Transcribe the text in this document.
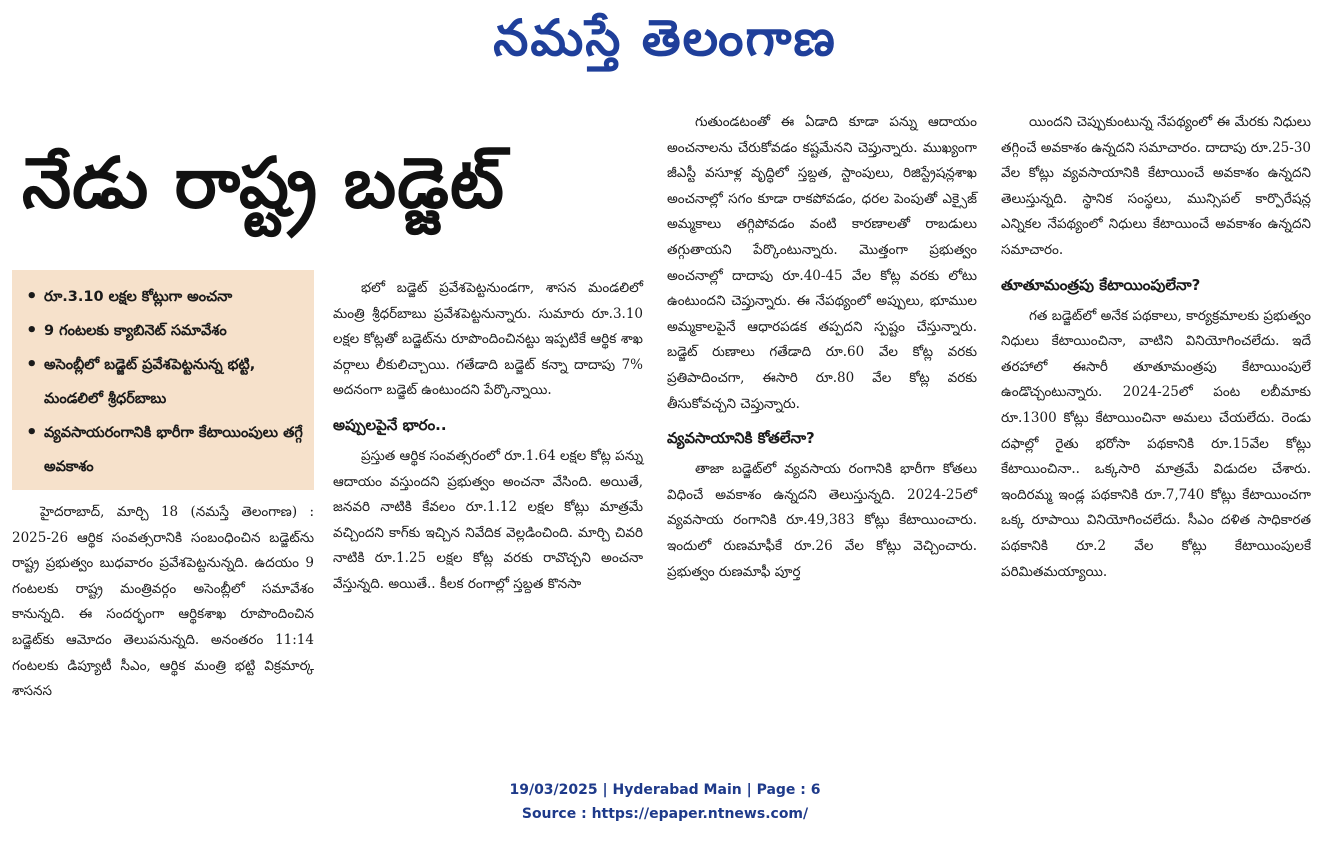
నమస్తే తెలంగాణ
నేడు రాష్ట్ర బడ్జెట్
• రూ.3.10 లక్షల కోట్లుగా అంచనా
• 9 గంటలకు క్యాబినెట్ సమావేశం
• అసెంబ్లీలో బడ్జెట్ ప్రవేశపెట్టనున్న భట్టి, మండలిలో శ్రీధర్‌బాబు
• వ్యవసాయరంగానికి భారీగా కేటాయింపులు తగ్గే అవకాశం

హైదరాబాద్, మార్చి 18 (నమస్తే తెలంగాణ) : 2025-26 ఆర్థిక సంవత్సరానికి సంబంధించిన బడ్జెట్‌ను రాష్ట్ర ప్రభుత్వం బుధవారం ప్రవేశపెట్టనున్నది. ఉదయం 9 గంటలకు రాష్ట్ర మంత్రివర్గం అసెంబ్లీలో సమావేశం కానున్నది. ఈ సందర్భంగా ఆర్థికశాఖ రూపొందించిన బడ్జెట్‌కు ఆమోదం తెలుపనున్నది. అనంతరం 11:14 గంటలకు డిప్యూటీ సీఎం, ఆర్థిక మంత్రి భట్టి విక్రమార్క శాసనస

భలో బడ్జెట్ ప్రవేశపెట్టనుండగా, శాసన మండలిలో మంత్రి శ్రీధర్‌బాబు ప్రవేశపెట్టనున్నారు. సుమారు రూ.3.10 లక్షల కోట్లతో బడ్జెట్‌ను రూపొందించినట్టు ఇప్పటికే ఆర్థిక శాఖ వర్గాలు లీకులిచ్చాయి. గతేడాది బడ్జెట్ కన్నా దాదాపు 7% అదనంగా బడ్జెట్ ఉంటుందని పేర్కొన్నాయి.

అప్పులపైనే భారం..

ప్రస్తుత ఆర్థిక సంవత్సరంలో రూ.1.64 లక్షల కోట్ల పన్ను ఆదాయం వస్తుందని ప్రభుత్వం అంచనా వేసింది. అయితే, జనవరి నాటికి కేవలం రూ.1.12 లక్షల కోట్లు మాత్రమే వచ్చిందని కాగ్‌కు ఇచ్చిన నివేదిక వెల్లడించింది. మార్చి చివరి నాటికి రూ.1.25 లక్షల కోట్ల వరకు రావొచ్చని అంచనా వేస్తున్నది. అయితే.. కీలక రంగాల్లో స్తబ్దత కొనసా

గుతుండటంతో ఈ ఏడాది కూడా పన్ను ఆదాయం అంచనాలను చేరుకోవడం కష్టమేనని చెప్తున్నారు. ముఖ్యంగా జీఎస్టీ వసూళ్ల వృద్ధిలో స్తబ్దత, స్టాంపులు, రిజిస్ట్రేషన్లశాఖ అంచనాల్లో సగం కూడా రాకపోవడం, ధరల పెంపుతో ఎక్సైజ్ అమ్మకాలు తగ్గిపోవడం వంటి కారణాలతో రాబడులు తగ్గుతాయని పేర్కొంటున్నారు. మొత్తంగా ప్రభుత్వం అంచనాల్లో దాదాపు రూ.40-45 వేల కోట్ల వరకు లోటు ఉంటుందని చెప్తున్నారు. ఈ నేపథ్యంలో అప్పులు, భూముల అమ్మకాలపైనే ఆధారపడక తప్పదని స్పష్టం చేస్తున్నారు. బడ్జెట్ రుణాలు గతేడాది రూ.60 వేల కోట్ల వరకు ప్రతిపాదించగా, ఈసారి రూ.80 వేల కోట్ల వరకు తీసుకోవచ్చని చెప్తున్నారు.

వ్యవసాయానికి కోతలేనా?

తాజా బడ్జెట్‌లో వ్యవసాయ రంగానికి భారీగా కోతలు విధించే అవకాశం ఉన్నదని తెలుస్తున్నది. 2024-25లో వ్యవసాయ రంగానికి రూ.49,383 కోట్లు కేటాయించారు. ఇందులో రుణమాఫీకే రూ.26 వేల కోట్లు వెచ్చించారు. ప్రభుత్వం రుణమాఫీ పూర్త

యిందని చెప్పుకుంటున్న నేపథ్యంలో ఈ మేరకు నిధులు తగ్గించే అవకాశం ఉన్నదని సమాచారం. దాదాపు రూ.25-30 వేల కోట్లు వ్యవసాయానికి కేటాయించే అవకాశం ఉన్నదని తెలుస్తున్నది. స్థానిక సంస్థలు, మున్సిపల్ కార్పొరేషన్ల ఎన్నికల నేపథ్యంలో నిధులు కేటాయించే అవకాశం ఉన్నదని సమాచారం.

తూతూమంత్రపు కేటాయింపులేనా?

గత బడ్జెట్‌లో అనేక పథకాలు, కార్యక్రమాలకు ప్రభుత్వం నిధులు కేటాయించినా, వాటిని వినియోగించలేదు. ఇదే తరహాలో ఈసారీ తూతూమంత్రపు కేటాయింపులే ఉండొచ్చంటున్నారు. 2024-25లో పంట లబీమాకు రూ.1300 కోట్లు కేటాయించినా అమలు చేయలేదు. రెండు దఫాల్లో రైతు భరోసా పథకానికి రూ.15వేల కోట్లు కేటాయించినా.. ఒక్కసారి మాత్రమే విడుదల చేశారు. ఇందిరమ్మ ఇండ్ల పథకానికి రూ.7,740 కోట్లు కేటాయించగా ఒక్క రూపాయి వినియోగించలేదు. సీఎం దళిత సాధికారత పథకానికి రూ.2 వేల కోట్లు కేటాయింపులకే పరిమితమయ్యాయి.

19/03/2025 | Hyderabad Main | Page : 6
Source : https://epaper.ntnews.com/
